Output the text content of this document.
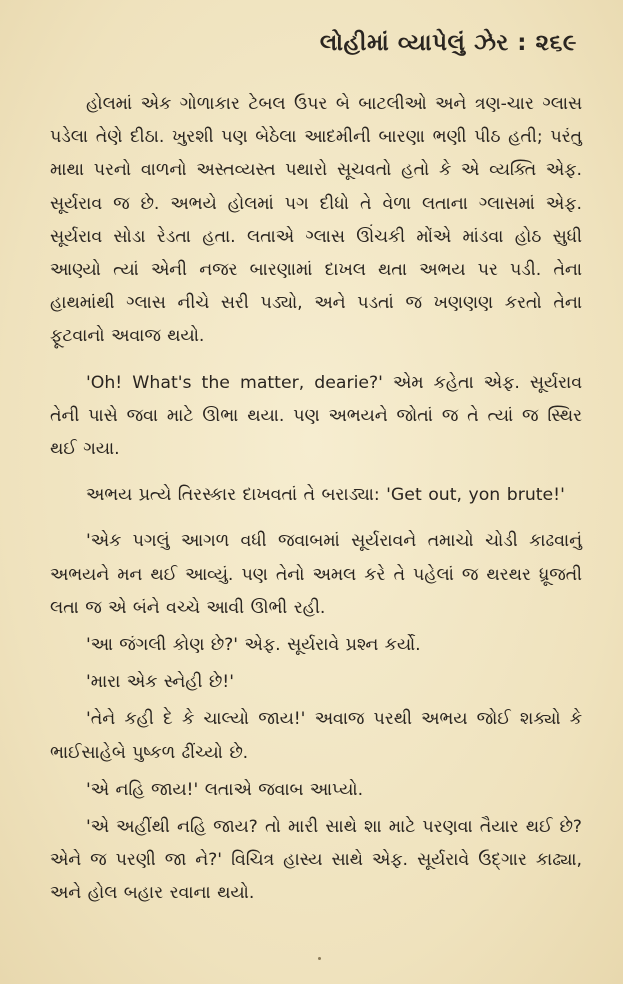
લોહીમાં વ્યાપેલું ઝેર : ૨૬૯

હોલમાં એક ગોળાકાર ટેબલ ઉપર બે બાટલીઓ અને ત્રણ-ચાર ગ્લાસ પડેલા તેણે દીઠા. ખુરશી પણ બેઠેલા આદમીની બારણા ભણી પીઠ હતી; પરંતુ માથા પરનો વાળનો અસ્તવ્યસ્ત પથારો સૂચવતો હતો કે એ વ્યક્તિ એફ. સૂર્યરાવ જ છે. અભયે હોલમાં પગ દીધો તે વેળા લતાના ગ્લાસમાં એફ. સૂર્યરાવ સોડા રેડતા હતા. લતાએ ગ્લાસ ઊંચકી મોંએ માંડવા હોઠ સુધી આણ્યો ત્યાં એની નજર બારણામાં દાખલ થતા અભય પર પડી. તેના હાથમાંથી ગ્લાસ નીચે સરી પડ્યો, અને પડતાં જ ખણણણ કરતો તેના ફૂટવાનો અવાજ થયો.

'Oh! What's the matter, dearie?' એમ કહેતા એફ. સૂર્યરાવ તેની પાસે જવા માટે ઊભા થયા. પણ અભયને જોતાં જ તે ત્યાં જ સ્થિર થઈ ગયા.

અભય પ્રત્યે તિરસ્કાર દાખવતાં તે બરાડ્યા: 'Get out, yon brute!'

'એક પગલું આગળ વધી જવાબમાં સૂર્યરાવને તમાચો ચોડી કાઢવાનું અભયને મન થઈ આવ્યું. પણ તેનો અમલ કરે તે પહેલાં જ થરથર ધ્રૂજતી લતા જ એ બંને વચ્ચે આવી ઊભી રહી.

'આ જંગલી કોણ છે?' એફ. સૂર્યરાવે પ્રશ્ન કર્યો.

'મારા એક સ્નેહી છે!'

'તેને કહી દે કે ચાલ્યો જાય!' અવાજ પરથી અભય જોઈ શક્યો કે ભાઈસાહેબે પુષ્કળ ઢીંચ્યો છે.

'એ નહિ જાય!' લતાએ જવાબ આપ્યો.

'એ અહીંથી નહિ જાય? તો મારી સાથે શા માટે પરણવા તૈયાર થઈ છે? એને જ પરણી જા ને?' વિચિત્ર હાસ્ય સાથે એફ. સૂર્યરાવે ઉદ્ગાર કાઢ્યા, અને હોલ બહાર રવાના થયો.
